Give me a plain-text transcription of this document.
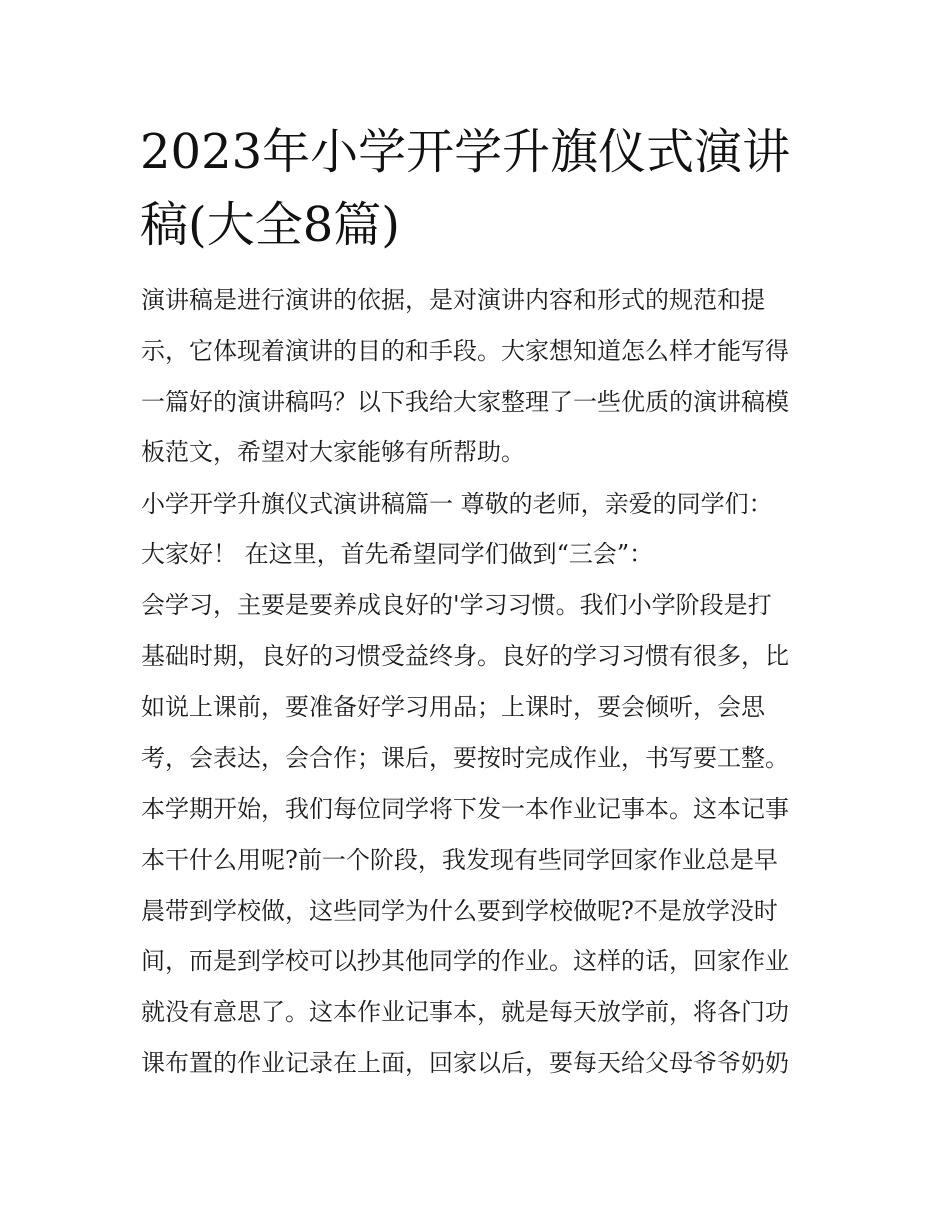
2023年小学开学升旗仪式演讲
稿(大全8篇)
演讲稿是进行演讲的依据，是对演讲内容和形式的规范和提
示，它体现着演讲的目的和手段。大家想知道怎么样才能写得
一篇好的演讲稿吗？以下我给大家整理了一些优质的演讲稿模
板范文，希望对大家能够有所帮助。
小学开学升旗仪式演讲稿篇一 尊敬的老师，亲爱的同学们：
大家好！ 在这里，首先希望同学们做到“三会”：
会学习，主要是要养成良好的'学习习惯。我们小学阶段是打
基础时期，良好的习惯受益终身。良好的学习习惯有很多，比
如说上课前，要准备好学习用品；上课时，要会倾听，会思
考，会表达，会合作；课后，要按时完成作业，书写要工整。
本学期开始，我们每位同学将下发一本作业记事本。这本记事
本干什么用呢?前一个阶段，我发现有些同学回家作业总是早
晨带到学校做，这些同学为什么要到学校做呢?不是放学没时
间，而是到学校可以抄其他同学的作业。这样的话，回家作业
就没有意思了。这本作业记事本，就是每天放学前，将各门功
课布置的作业记录在上面，回家以后，要每天给父母爷爷奶奶
